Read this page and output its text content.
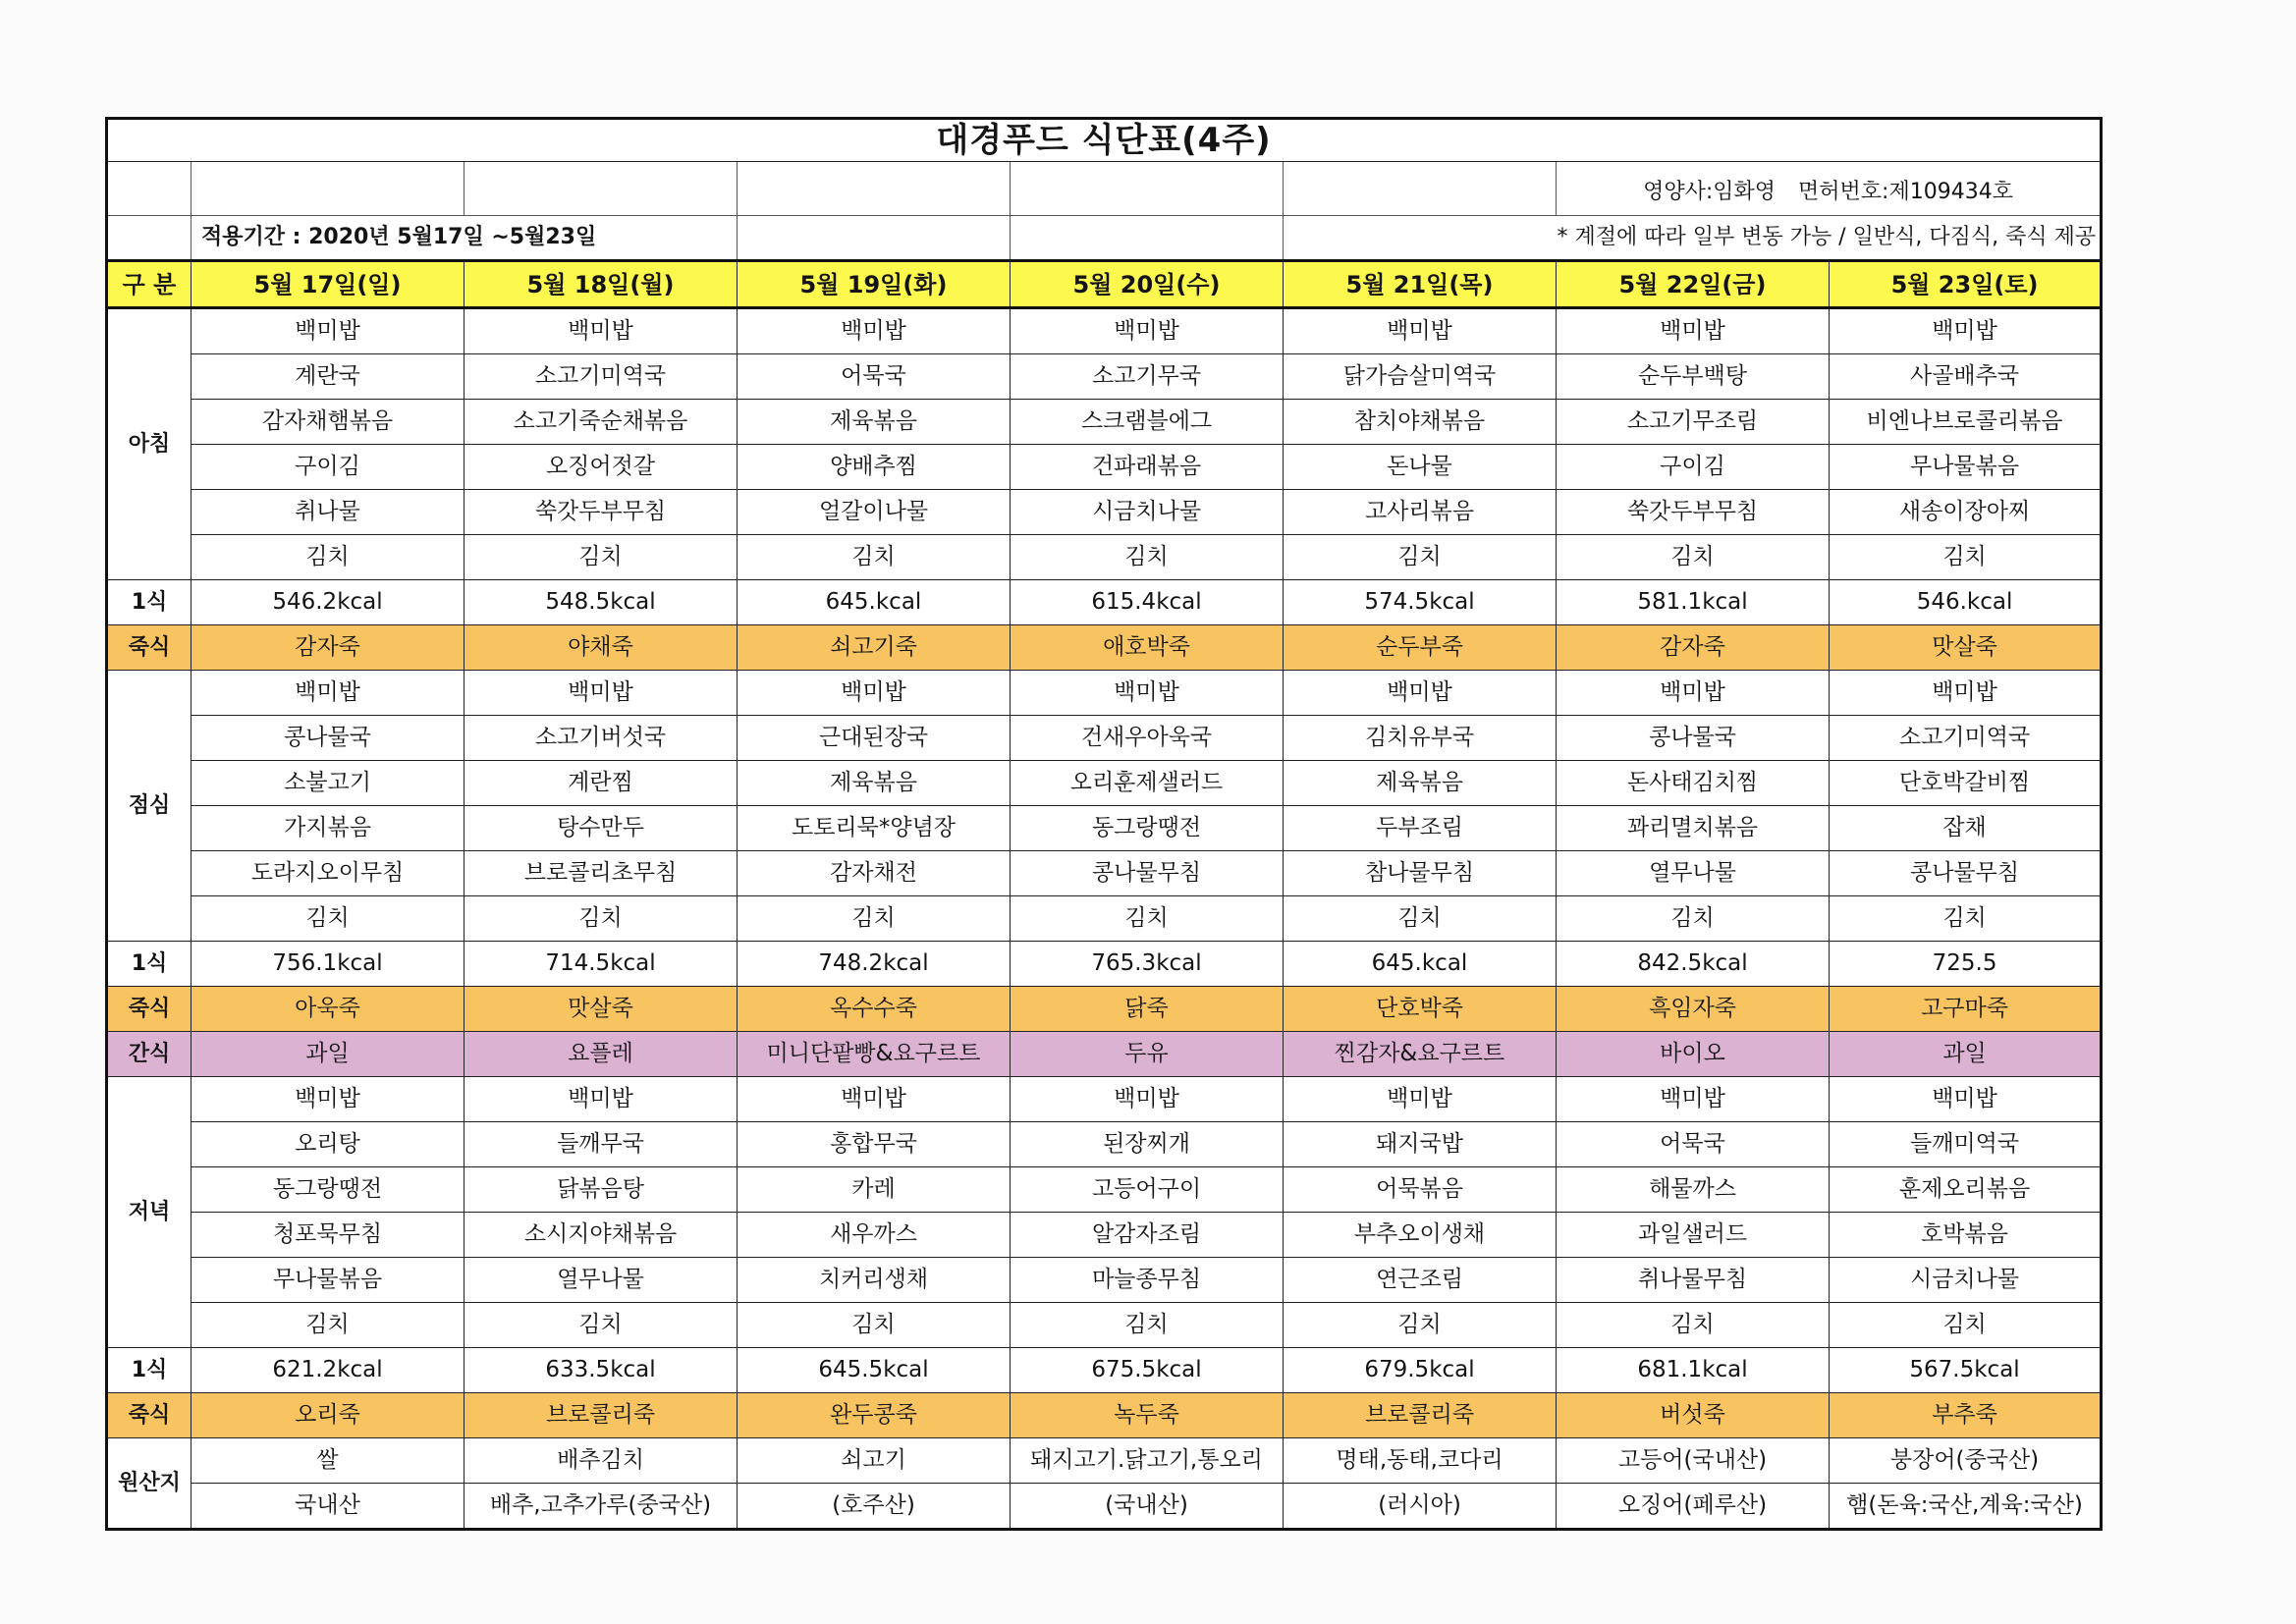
대경푸드 식단표(4주)							
						영양사:임화영 면허번호:제109434호	
	적용기간 : 2020년 5월17일 ~5월23일				* 계절에 따라 일부 변동 가능 / 일반식, 다짐식, 죽식 제공		
구 분	5월 17일(일)	5월 18일(월)	5월 19일(화)	5월 20일(수)	5월 21일(목)	5월 22일(금)	5월 23일(토)
아침	백미밥	백미밥	백미밥	백미밥	백미밥	백미밥	백미밥
	계란국	소고기미역국	어묵국	소고기무국	닭가슴살미역국	순두부백탕	사골배추국
	감자채햄볶음	소고기죽순채볶음	제육볶음	스크램블에그	참치야채볶음	소고기무조림	비엔나브로콜리볶음
	구이김	오징어젓갈	양배추찜	건파래볶음	돈나물	구이김	무나물볶음
	취나물	쑥갓두부무침	얼갈이나물	시금치나물	고사리볶음	쑥갓두부무침	새송이장아찌
	김치	김치	김치	김치	김치	김치	김치
1식	546.2kcal	548.5kcal	645.kcal	615.4kcal	574.5kcal	581.1kcal	546.kcal
죽식	감자죽	야채죽	쇠고기죽	애호박죽	순두부죽	감자죽	맛살죽
점심	백미밥	백미밥	백미밥	백미밥	백미밥	백미밥	백미밥
	콩나물국	소고기버섯국	근대된장국	건새우아욱국	김치유부국	콩나물국	소고기미역국
	소불고기	계란찜	제육볶음	오리훈제샐러드	제육볶음	돈사태김치찜	단호박갈비찜
	가지볶음	탕수만두	도토리묵*양념장	동그랑땡전	두부조림	꽈리멸치볶음	잡채
	도라지오이무침	브로콜리초무침	감자채전	콩나물무침	참나물무침	열무나물	콩나물무침
	김치	김치	김치	김치	김치	김치	김치
1식	756.1kcal	714.5kcal	748.2kcal	765.3kcal	645.kcal	842.5kcal	725.5
죽식	아욱죽	맛살죽	옥수수죽	닭죽	단호박죽	흑임자죽	고구마죽
간식	과일	요플레	미니단팥빵&요구르트	두유	찐감자&요구르트	바이오	과일
저녁	백미밥	백미밥	백미밥	백미밥	백미밥	백미밥	백미밥
	오리탕	들깨무국	홍합무국	된장찌개	돼지국밥	어묵국	들깨미역국
	동그랑땡전	닭볶음탕	카레	고등어구이	어묵볶음	해물까스	훈제오리볶음
	청포묵무침	소시지야채볶음	새우까스	알감자조림	부추오이생채	과일샐러드	호박볶음
	무나물볶음	열무나물	치커리생채	마늘종무침	연근조림	취나물무침	시금치나물
	김치	김치	김치	김치	김치	김치	김치
1식	621.2kcal	633.5kcal	645.5kcal	675.5kcal	679.5kcal	681.1kcal	567.5kcal
죽식	오리죽	브로콜리죽	완두콩죽	녹두죽	브로콜리죽	버섯죽	부추죽
원산지	쌀	배추김치	쇠고기	돼지고기.닭고기,통오리	명태,동태,코다리	고등어(국내산)	붕장어(중국산)
	국내산	배추,고추가루(중국산)	(호주산)	(국내산)	(러시아)	오징어(페루산)	햄(돈육:국산,계육:국산)
